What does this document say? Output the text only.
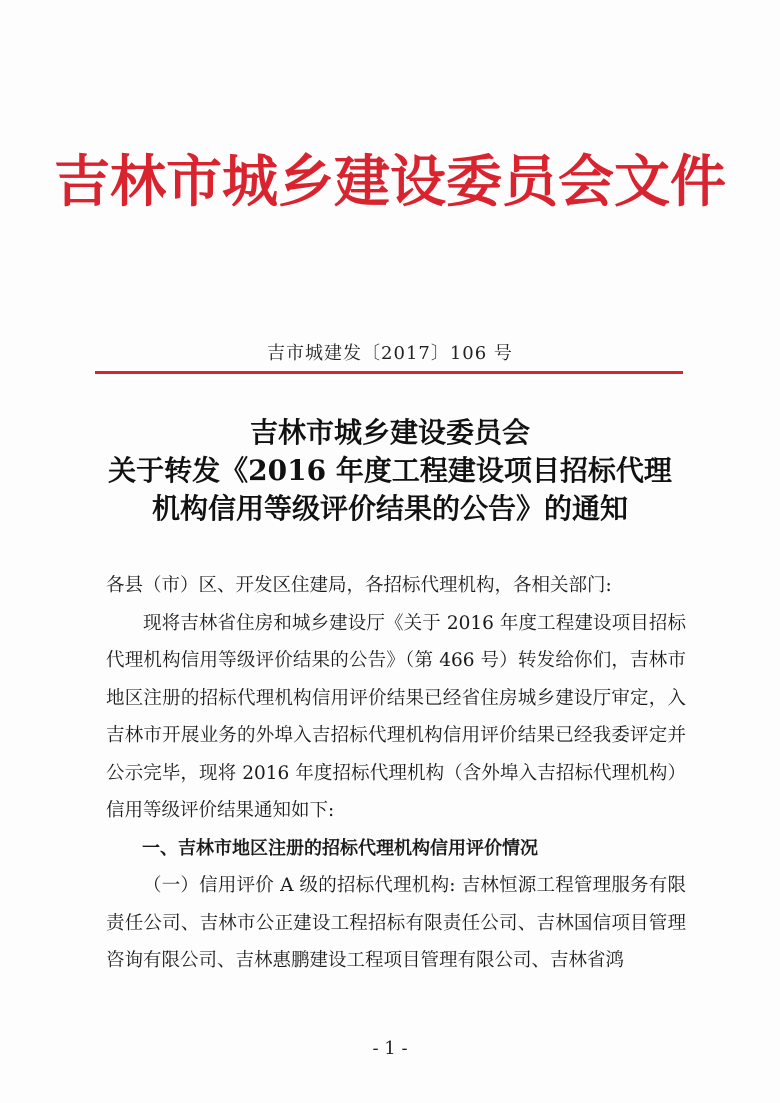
吉林市城乡建设委员会文件
吉市城建发〔2017〕106 号
吉林市城乡建设委员会
关于转发《2016 年度工程建设项目招标代理
机构信用等级评价结果的公告》的通知

各县（市）区、开发区住建局，各招标代理机构，各相关部门:

现将吉林省住房和城乡建设厅《关于 2016 年度工程建设项目招标代理机构信用等级评价结果的公告》（第 466 号）转发给你们，吉林市地区注册的招标代理机构信用评价结果已经省住房城乡建设厅审定，入吉林市开展业务的外埠入吉招标代理机构信用评价结果已经我委评定并公示完毕，现将 2016 年度招标代理机构（含外埠入吉招标代理机构）信用等级评价结果通知如下:

一、吉林市地区注册的招标代理机构信用评价情况

（一）信用评价 A 级的招标代理机构: 吉林恒源工程管理服务有限责任公司、吉林市公正建设工程招标有限责任公司、吉林国信项目管理咨询有限公司、吉林惠鹏建设工程项目管理有限公司、吉林省鸿

- 1 -
